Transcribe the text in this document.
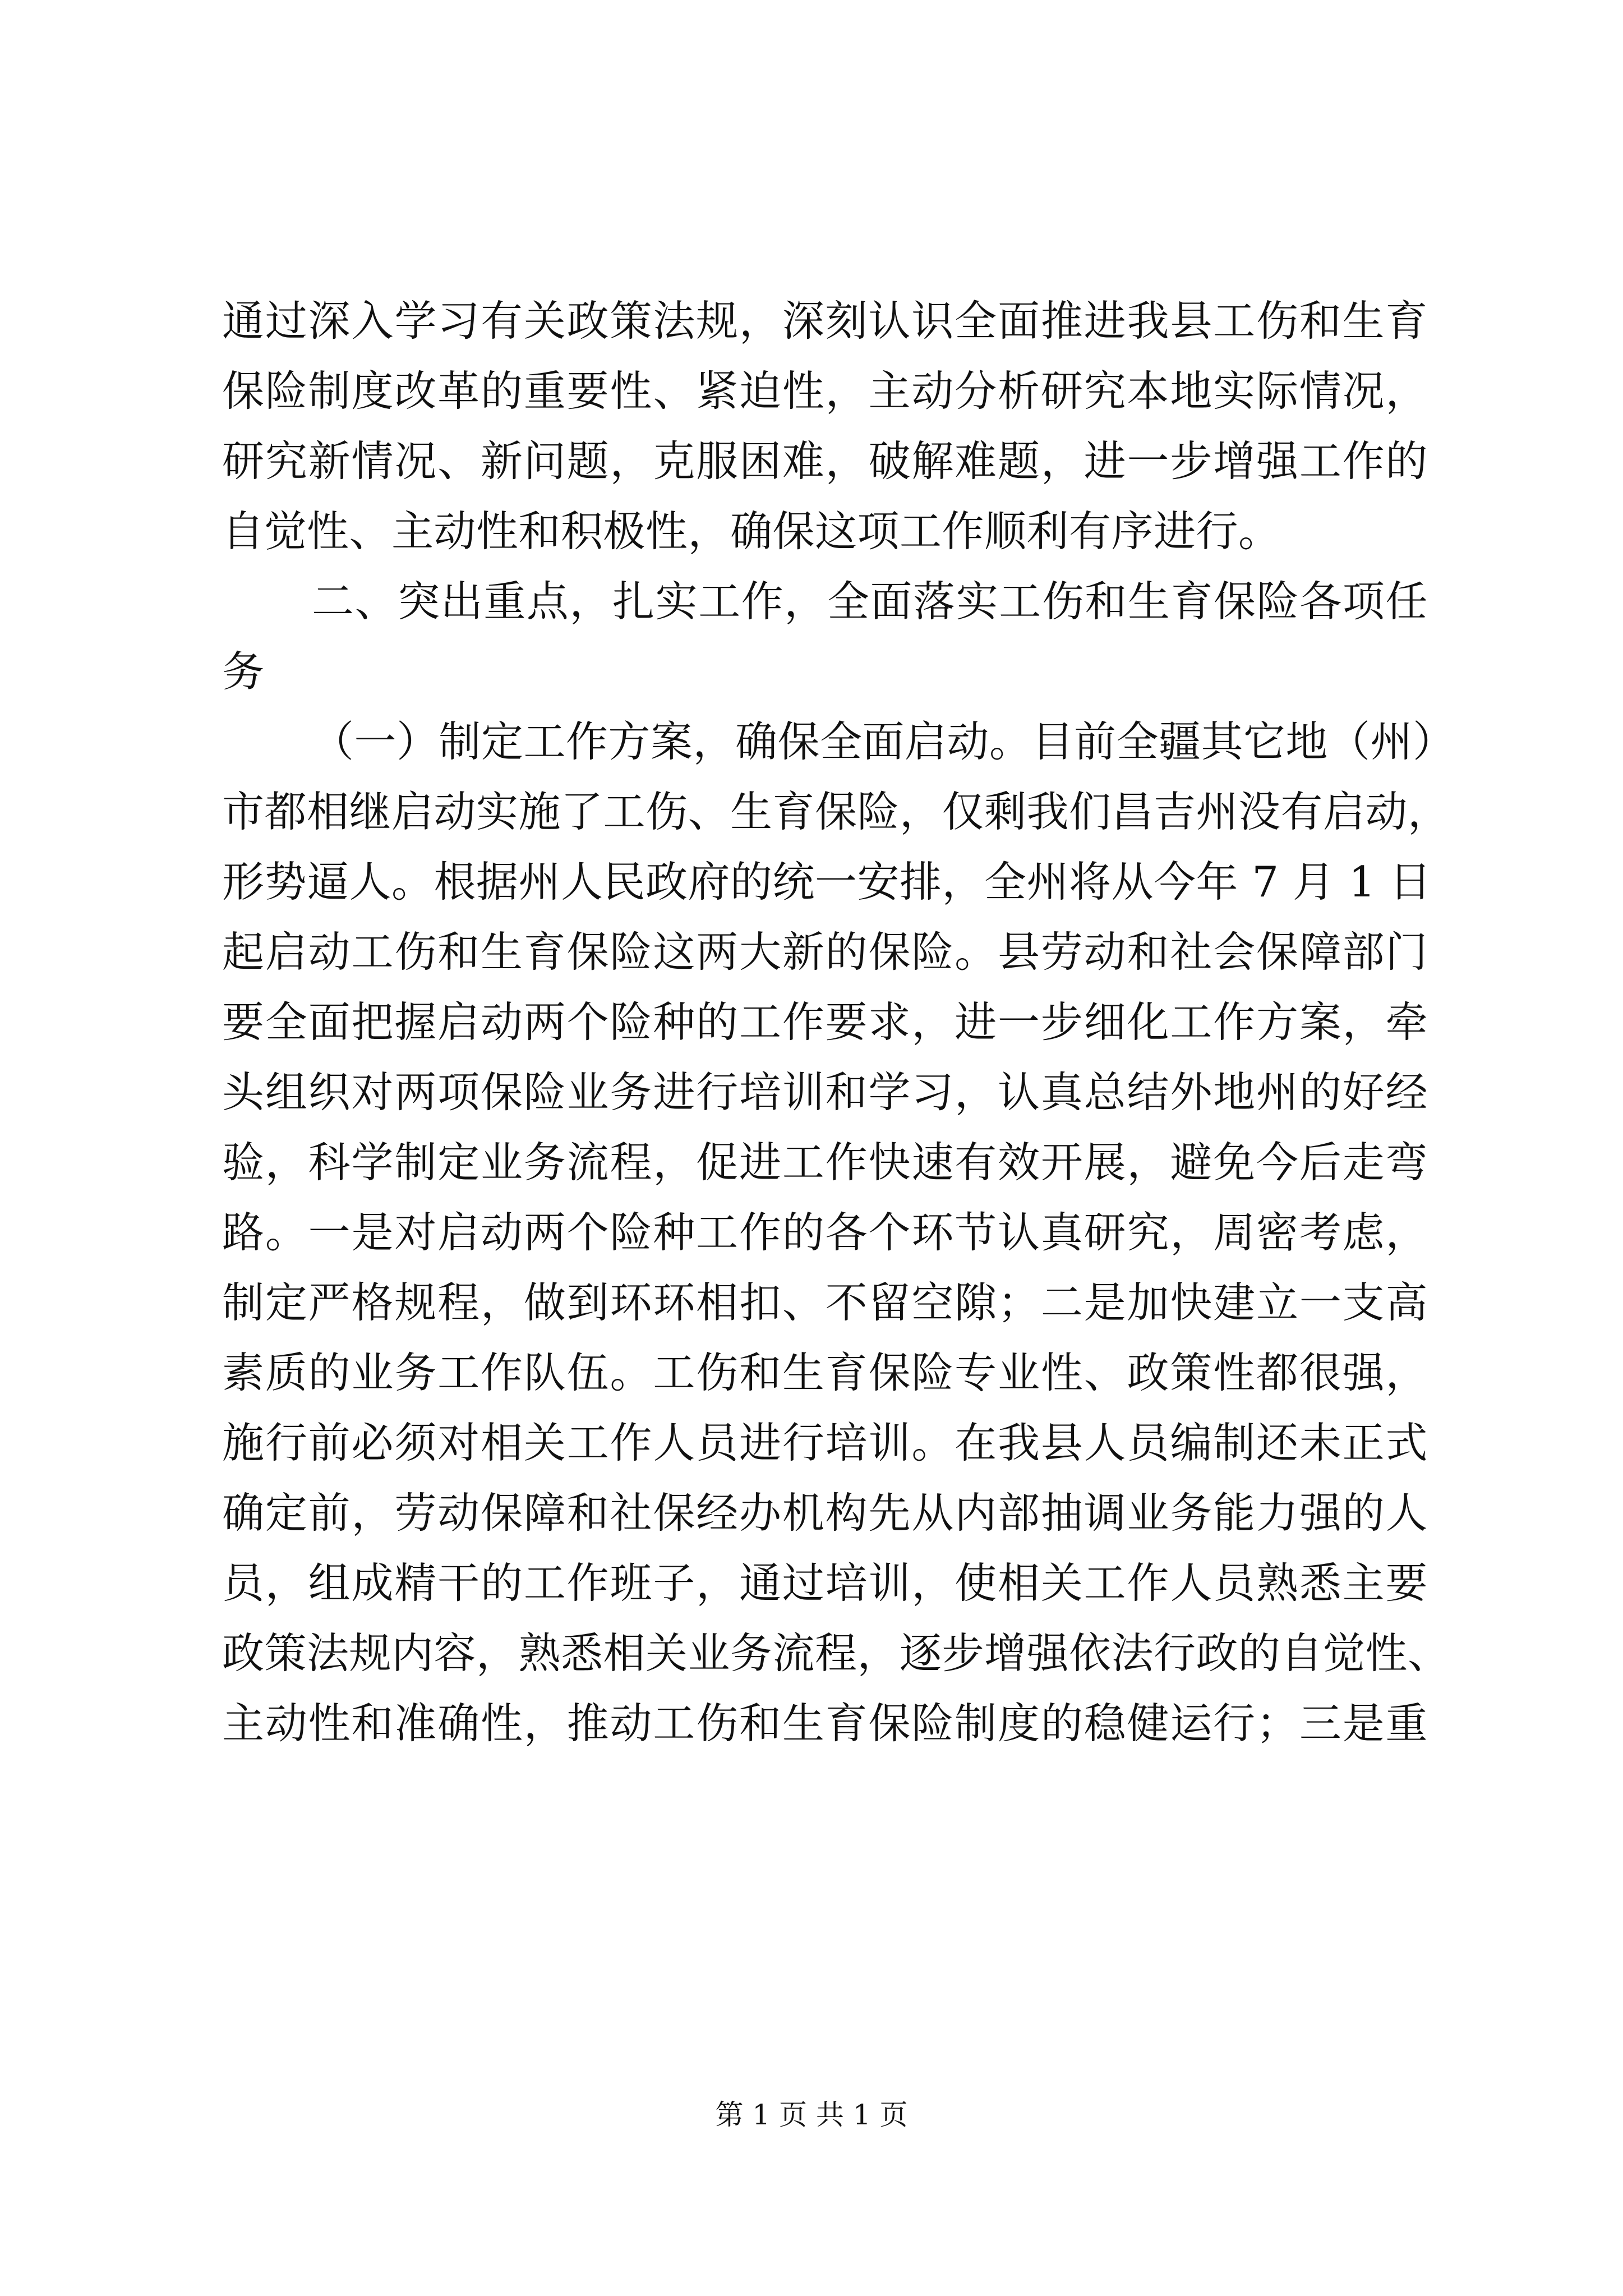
通过深入学习有关政策法规，深刻认识全面推进我县工伤和生育
保险制度改革的重要性、紧迫性，主动分析研究本地实际情况，
研究新情况、新问题，克服困难，破解难题，进一步增强工作的
自觉性、主动性和积极性，确保这项工作顺利有序进行。
二、突出重点，扎实工作，全面落实工伤和生育保险各项任
务
（一）制定工作方案，确保全面启动。目前全疆其它地（州）
市都相继启动实施了工伤、生育保险，仅剩我们昌吉州没有启动，
形势逼人。根据州人民政府的统一安排，全州将从今年 7 月 1 日
起启动工伤和生育保险这两大新的保险。县劳动和社会保障部门
要全面把握启动两个险种的工作要求，进一步细化工作方案，牵
头组织对两项保险业务进行培训和学习，认真总结外地州的好经
验，科学制定业务流程，促进工作快速有效开展，避免今后走弯
路。一是对启动两个险种工作的各个环节认真研究，周密考虑，
制定严格规程，做到环环相扣、不留空隙；二是加快建立一支高
素质的业务工作队伍。工伤和生育保险专业性、政策性都很强，
施行前必须对相关工作人员进行培训。在我县人员编制还未正式
确定前，劳动保障和社保经办机构先从内部抽调业务能力强的人
员，组成精干的工作班子，通过培训，使相关工作人员熟悉主要
政策法规内容，熟悉相关业务流程，逐步增强依法行政的自觉性、
主动性和准确性，推动工伤和生育保险制度的稳健运行；三是重
第 1 页 共 1 页
